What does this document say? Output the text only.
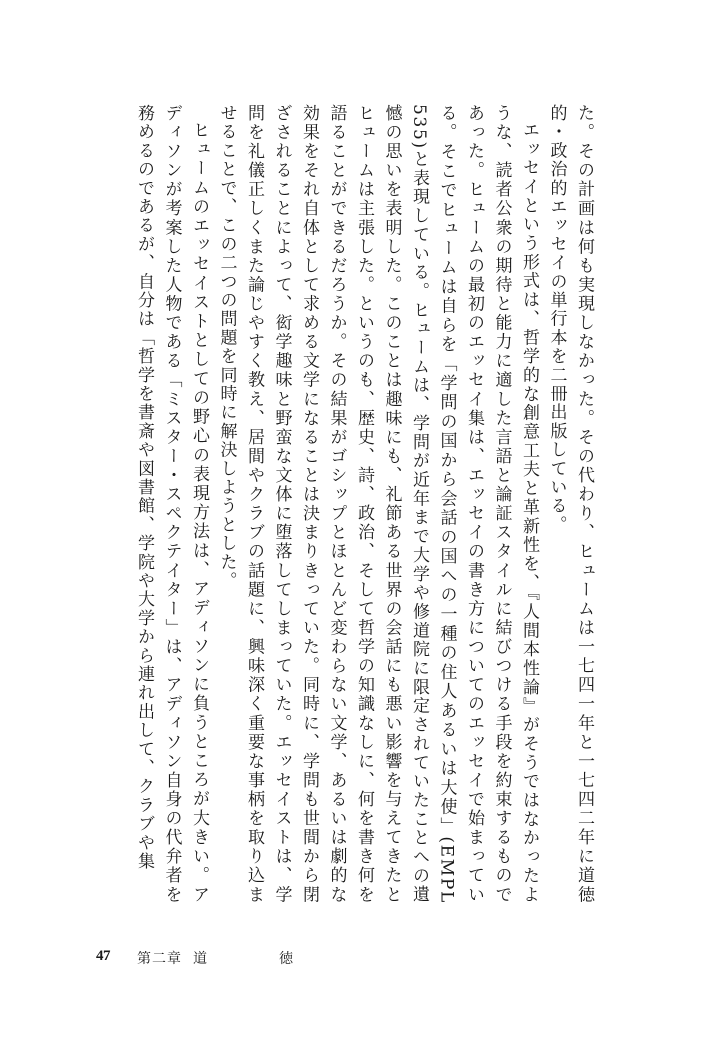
た。その計画は何も実現しなかった。その代わり、ヒュームは一七四一年と一七四二年に道徳的・政治的エッセイの単行本を二冊出版している。

エッセイという形式は、哲学的な創意工夫と革新性を、『人間本性論』がそうではなかったような、読者公衆の期待と能力に適した言語と論証スタイルに結びつける手段を約束するものであった。ヒュームの最初のエッセイ集は、エッセイの書き方についてのエッセイで始まっている。そこでヒュームは自らを「学問の国から会話の国への一種の住人あるいは大使」(EMPL 535)と表現している。ヒュームは、学問が近年まで大学や修道院に限定されていたことへの遺憾の思いを表明した。このことは趣味にも、礼節ある世界の会話にも悪い影響を与えてきたとヒュームは主張した。というのも、歴史、詩、政治、そして哲学の知識なしに、何を書き何を語ることができるだろうか。その結果がゴシップとほとんど変わらない文学、あるいは劇的な効果をそれ自体として求める文学になることは決まりきっていた。同時に、学問も世間から閉ざされることによって、衒学趣味と野蛮な文体に堕落してしまっていた。エッセイストは、学問を礼儀正しくまた論じやすく教え、居間やクラブの話題に、興味深く重要な事柄を取り込ませることで、この二つの問題を同時に解決しようとした。

ヒュームのエッセイストとしての野心の表現方法は、アディソンに負うところが大きい。アディソンが考案した人物である「ミスター・スペクテイター」は、アディソン自身の代弁者を務めるのであるが、自分は「哲学を書斎や図書館、学院や大学から連れ出して、クラブや集

47 第二章 道	徳
